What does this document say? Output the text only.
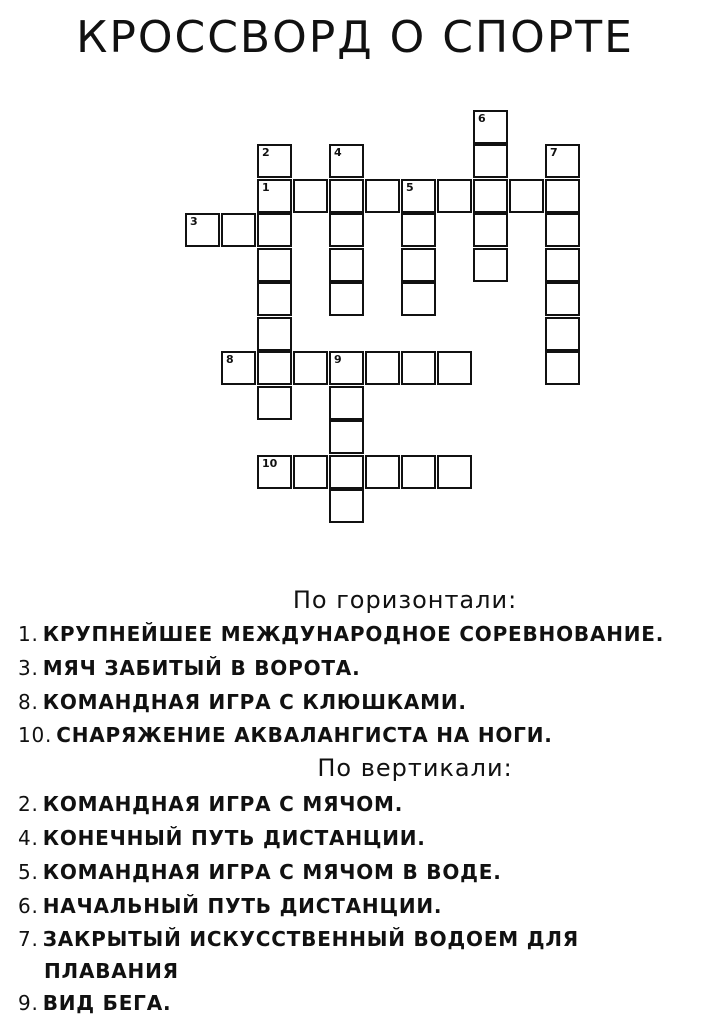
КРОССВОРД О СПОРТЕ
6
2	4	7
1	5
3
8	9
10
По горизонтали:
1. КРУПНЕЙШЕЕ МЕЖДУНАРОДНОЕ СОРЕВНОВАНИЕ.
3. МЯЧ ЗАБИТЫЙ В ВОРОТА.
8. КОМАНДНАЯ ИГРА С КЛЮШКАМИ.
10. СНАРЯЖЕНИЕ АКВАЛАНГИСТА НА НОГИ.
По вертикали:
2. КОМАНДНАЯ ИГРА С МЯЧОМ.
4. КОНЕЧНЫЙ ПУТЬ ДИСТАНЦИИ.
5. КОМАНДНАЯ ИГРА С МЯЧОМ В ВОДЕ.
6. НАЧАЛЬНЫЙ ПУТЬ ДИСТАНЦИИ.
7. ЗАКРЫТЫЙ ИСКУССТВЕННЫЙ ВОДОЕМ ДЛЯ
ПЛАВАНИЯ
9. ВИД БЕГА.
